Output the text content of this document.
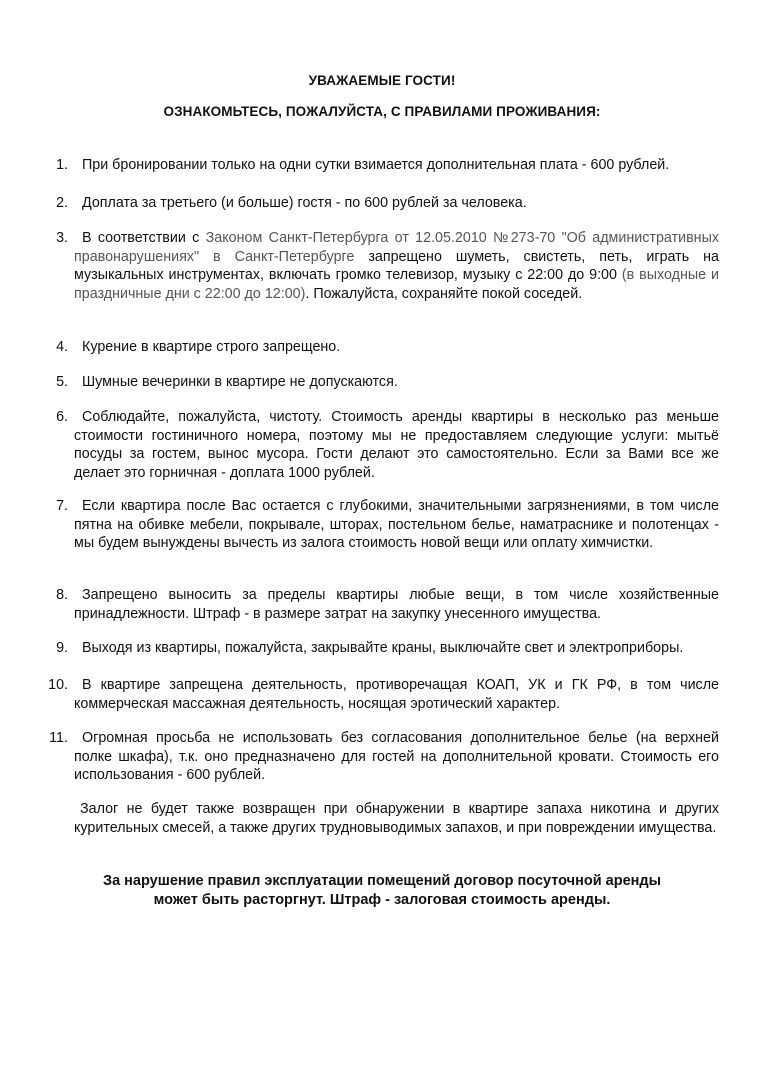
УВАЖАЕМЫЕ ГОСТИ!
ОЗНАКОМЬТЕСЬ, ПОЖАЛУЙСТА, С ПРАВИЛАМИ ПРОЖИВАНИЯ:
1. При бронировании только на одни сутки взимается дополнительная плата - 600 рублей.

2. Доплата за третьего (и больше) гостя - по 600 рублей за человека.

3. В соответствии с Законом Санкт-Петербурга от 12.05.2010 №273-70 "Об административных правонарушениях" в Санкт-Петербурге запрещено шуметь, свистеть, петь, играть на музыкальных инструментах, включать громко телевизор, музыку с 22:00 до 9:00 (в выходные и праздничные дни с 22:00 до 12:00). Пожалуйста, сохраняйте покой соседей.

4. Курение в квартире строго запрещено.

5. Шумные вечеринки в квартире не допускаются.

6. Соблюдайте, пожалуйста, чистоту. Стоимость аренды квартиры в несколько раз меньше стоимости гостиничного номера, поэтому мы не предоставляем следующие услуги: мытьё посуды за гостем, вынос мусора. Гости делают это самостоятельно. Если за Вами все же делает это горничная - доплата 1000 рублей.

7. Если квартира после Вас остается с глубокими, значительными загрязнениями, в том числе пятна на обивке мебели, покрывале, шторах, постельном белье, наматраснике и полотенцах - мы будем вынуждены вычесть из залога стоимость новой вещи или оплату химчистки.

8. Запрещено выносить за пределы квартиры любые вещи, в том числе хозяйственные принадлежности. Штраф - в размере затрат на закупку унесенного имущества.

9. Выходя из квартиры, пожалуйста, закрывайте краны, выключайте свет и электроприборы.

10. В квартире запрещена деятельность, противоречащая КОАП, УК и ГК РФ, в том числе коммерческая массажная деятельность, носящая эротический характер.

11. Огромная просьба не использовать без согласования дополнительное белье (на верхней полке шкафа), т.к. оно предназначено для гостей на дополнительной кровати. Стоимость его использования - 600 рублей.

Залог не будет также возвращен при обнаружении в квартире запаха никотина и других курительных смесей, а также других трудновыводимых запахов, и при повреждении имущества.

За нарушение правил эксплуатации помещений договор посуточной аренды
может быть расторгнут. Штраф - залоговая стоимость аренды.
